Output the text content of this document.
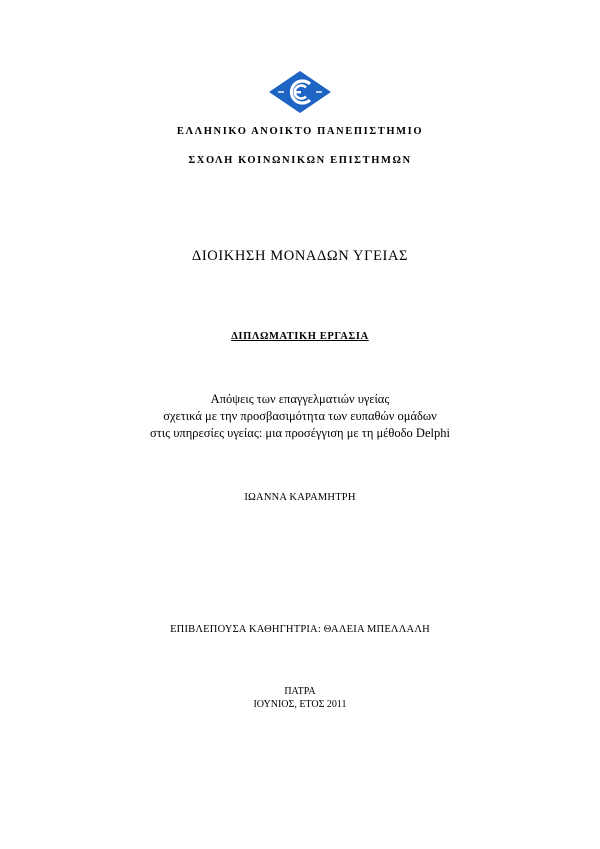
ΕΛΛΗΝΙΚΟ ΑΝΟΙΚΤΟ ΠΑΝΕΠΙΣΤΗΜΙΟ
ΣΧΟΛΗ ΚΟΙΝΩΝΙΚΩΝ ΕΠΙΣΤΗΜΩΝ
ΔΙΟΙΚΗΣΗ ΜΟΝΑΔΩΝ ΥΓΕΙΑΣ
ΔΙΠΛΩΜΑΤΙΚΗ ΕΡΓΑΣΙΑ
Απόψεις των επαγγελματιών υγείας
σχετικά με την προσβασιμότητα των ευπαθών ομάδων
στις υπηρεσίες υγείας: μια προσέγγιση με τη μέθοδο Delphi
ΙΩΑΝΝΑ ΚΑΡΑΜΗΤΡΗ
ΕΠΙΒΛΕΠΟΥΣΑ ΚΑΘΗΓΗΤΡΙΑ: ΘΑΛΕΙΑ ΜΠΕΛΛΑΛΗ
ΠΑΤΡΑ
ΙΟΥΝΙΟΣ, ΕΤΟΣ 2011
